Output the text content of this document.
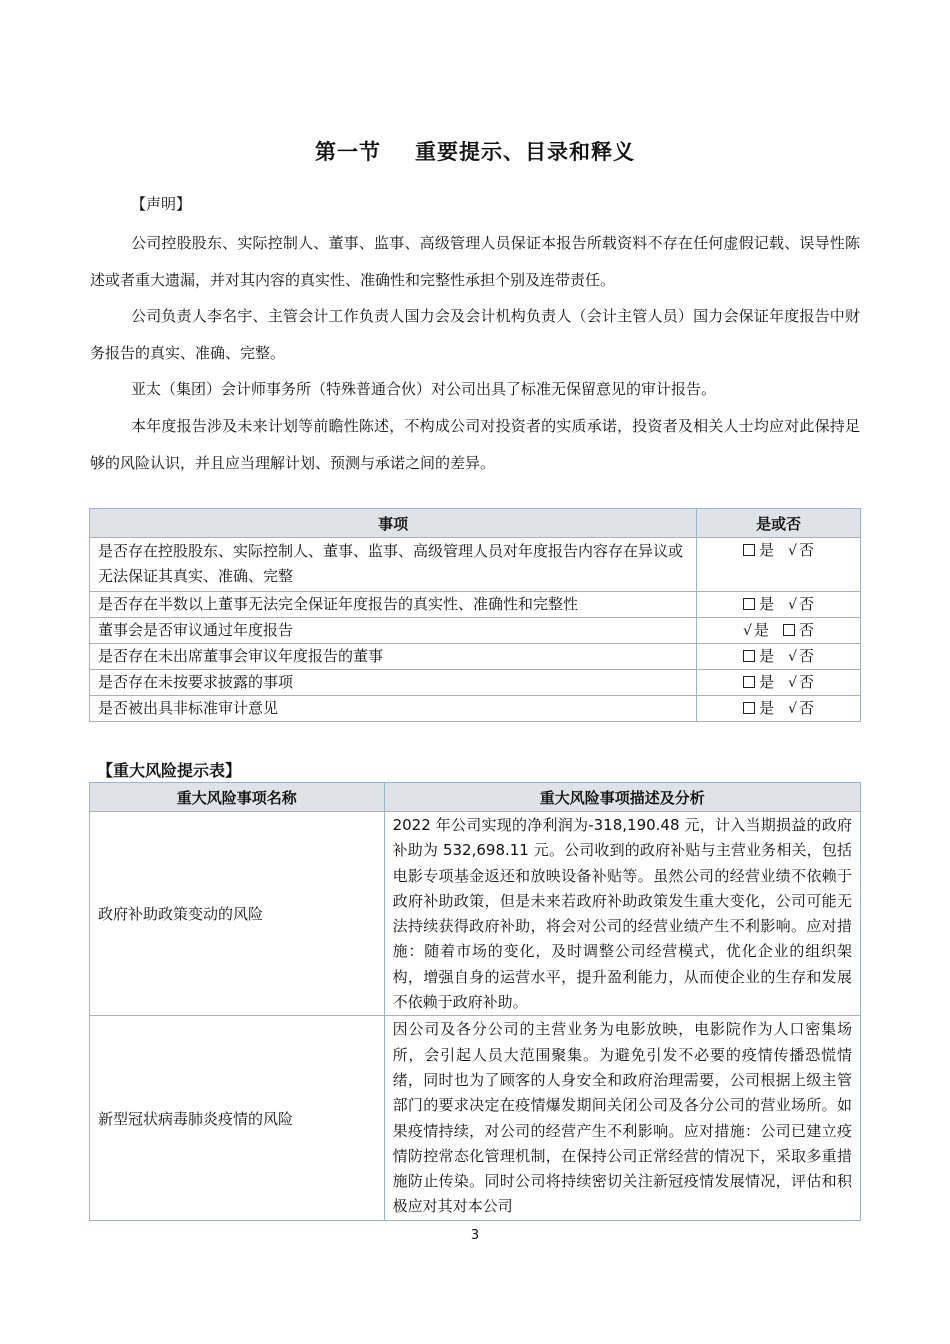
第一节 重要提示、目录和释义
【声明】
公司控股股东、实际控制人、董事、监事、高级管理人员保证本报告所载资料不存在任何虚假记载、误导性陈述或者重大遗漏，并对其内容的真实性、准确性和完整性承担个别及连带责任。
公司负责人李名宇、主管会计工作负责人国力会及会计机构负责人（会计主管人员）国力会保证年度报告中财务报告的真实、准确、完整。
亚太（集团）会计师事务所（特殊普通合伙）对公司出具了标准无保留意见的审计报告。
本年度报告涉及未来计划等前瞻性陈述，不构成公司对投资者的实质承诺，投资者及相关人士均应对此保持足够的风险认识，并且应当理解计划、预测与承诺之间的差异。
事项	是或否
是否存在控股股东、实际控制人、董事、监事、高级管理人员对年度报告内容存在异议或无法保证其真实、准确、完整	是 √ 否
是否存在半数以上董事无法完全保证年度报告的真实性、准确性和完整性	是 √ 否
董事会是否审议通过年度报告	√ 是 否
是否存在未出席董事会审议年度报告的董事	是 √ 否
是否存在未按要求披露的事项	是 √ 否
是否被出具非标准审计意见	是 √ 否
【重大风险提示表】
重大风险事项名称	重大风险事项描述及分析
政府补助政策变动的风险	2022 年公司实现的净利润为-318,190.48 元，计入当期损益的政府补助为 532,698.11 元。公司收到的政府补贴与主营业务相关，包括电影专项基金返还和放映设备补贴等。虽然公司的经营业绩不依赖于政府补助政策，但是未来若政府补助政策发生重大变化，公司可能无法持续获得政府补助，将会对公司的经营业绩产生不利影响。应对措施：随着市场的变化，及时调整公司经营模式，优化企业的组织架构，增强自身的运营水平，提升盈利能力，从而使企业的生存和发展不依赖于政府补助。
新型冠状病毒肺炎疫情的风险	因公司及各分公司的主营业务为电影放映，电影院作为人口密集场所，会引起人员大范围聚集。为避免引发不必要的疫情传播恐慌情绪，同时也为了顾客的人身安全和政府治理需要，公司根据上级主管部门的要求决定在疫情爆发期间关闭公司及各分公司的营业场所。如果疫情持续，对公司的经营产生不利影响。应对措施：公司已建立疫情防控常态化管理机制，在保持公司正常经营的情况下，采取多重措施防止传染。同时公司将持续密切关注新冠疫情发展情况，评估和积极应对其对本公司
3
